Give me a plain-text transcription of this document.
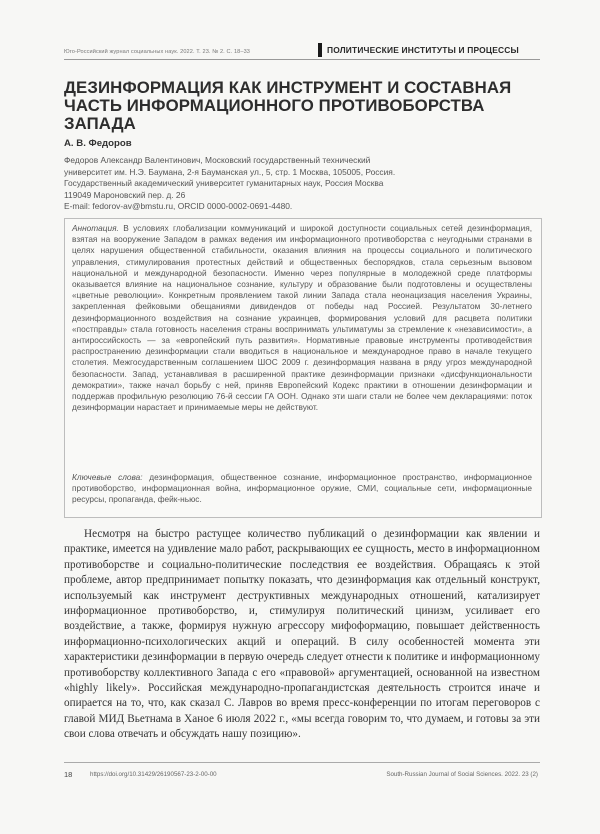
Юго-Российский журнал социальных наук. 2022. Т. 23. № 2. С. 18–33	ПОЛИТИЧЕСКИЕ ИНСТИТУТЫ И ПРОЦЕССЫ
ДЕЗИНФОРМАЦИЯ КАК ИНСТРУМЕНТ И СОСТАВНАЯ ЧАСТЬ ИНФОРМАЦИОННОГО ПРОТИВОБОРСТВА ЗАПАДА
А. В. Федоров
Федоров Александр Валентинович, Московский государственный технический
университет им. Н.Э. Баумана, 2-я Бауманская ул., 5, стр. 1 Москва, 105005, Россия.
Государственный академический университет гуманитарных наук, Россия Москва
119049 Мароновский пер. д. 26
E-mail: fedorov-av@bmstu.ru, ORCID 0000-0002-0691-4480.
Аннотация. В условиях глобализации коммуникаций и широкой доступности социальных сетей дезинформация, взятая на вооружение Западом в рамках ведения им информационного противоборства с неугодными странами в целях нарушения общественной стабильности, оказания влияния на процессы социального и политического управления, стимулирования протестных действий и общественных беспорядков, стала серьезным вызовом национальной и международной безопасности. Именно через популярные в молодежной среде платформы оказывается влияние на национальное сознание, культуру и образование были подготовлены и осуществлены «цветные революции». Конкретным проявлением такой линии Запада стала неонацизация населения Украины, закрепленная фейковыми обещаниями дивидендов от победы над Россией. Результатом 30-летнего дезинформационного воздействия на сознание украинцев, формирования условий для расцвета политики «постправды» стала готовность населения страны воспринимать ультиматумы за стремление к «независимости», а антироссийскость — за «европейский путь развития». Нормативные правовые инструменты противодействия распространению дезинформации стали вводиться в национальное и международное право в начале текущего столетия. Межгосударственным соглашением ШОС 2009 г. дезинформация названа в ряду угроз международной безопасности. Запад, устанавливая в расширенной практике дезинформации признаки «дисфункциональности демократии», также начал борьбу с ней, приняв Европейский Кодекс практики в отношении дезинформации и поддержав профильную резолюцию 76-й сессии ГА ООН. Однако эти шаги стали не более чем декларациями: поток дезинформации нарастает и принимаемые меры не действуют.
Ключевые слова: дезинформация, общественное сознание, информационное пространство, информационное противоборство, информационная война, информационное оружие, СМИ, социальные сети, информационные ресурсы, пропаганда, фейк-ньюс.
Несмотря на быстро растущее количество публикаций о дезинформации как явлении и практике, имеется на удивление мало работ, раскрывающих ее сущность, место в информационном противоборстве и социально-политические последствия ее воздействия. Обращаясь к этой проблеме, автор предпринимает попытку показать, что дезинформация как отдельный конструкт, используемый как инструмент деструктивных международных отношений, катализирует информационное противоборство, и, стимулируя политический цинизм, усиливает его воздействие, а также, формируя нужную агрессору мифоформацию, повышает действенность информационно-психологических акций и операций. В силу особенностей момента эти характеристики дезинформации в первую очередь следует отнести к политике и информационному противоборству коллективного Запада с его «правовой» аргументацией, основанной на известном «highly likely». Российская международно-пропагандистская деятельность строится иначе и опирается на то, что, как сказал С. Лавров во время пресс-конференции по итогам переговоров с главой МИД Вьетнама в Ханое 6 июля 2022 г., «мы всегда говорим то, что думаем, и готовы за эти свои слова отвечать и обсуждать нашу позицию».
18	https://doi.org/10.31429/26190567-23-2-00-00	South-Russian Journal of Social Sciences. 2022. 23 (2)
